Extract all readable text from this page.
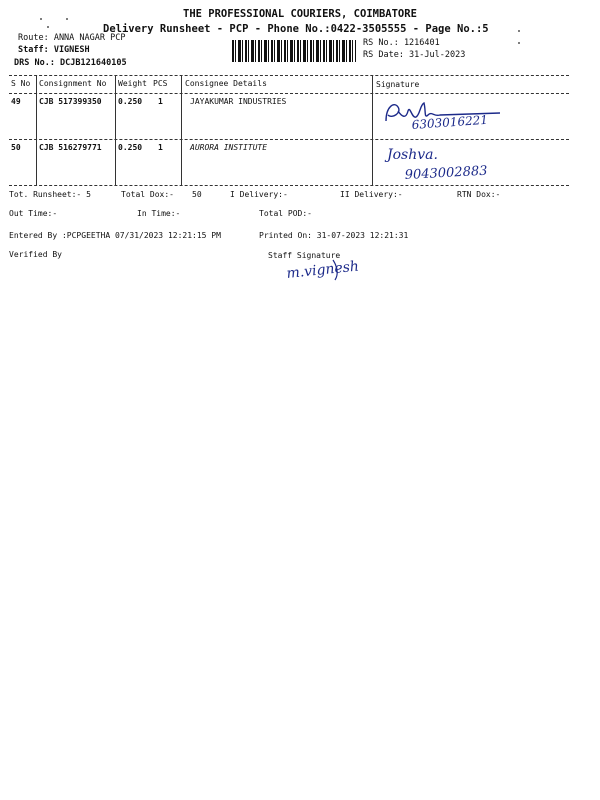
THE PROFESSIONAL COURIERS, COIMBATORE
Delivery Runsheet - PCP - Phone No.:0422-3505555 - Page No.:5
Route: ANNA NAGAR PCP
Staff: VIGNESH
DRS No.: DCJB121640105
RS No.: 1216401
RS Date: 31-Jul-2023
S No Consignment No Weight PCS Consignee Details	Signature
49 CJB 517399350 0.250 1	JAYAKUMAR INDUSTRIES
6303016221
50 CJB 516279771 0.250 1	AURORA INSTITUTE	Joshva.
9043002883
Tot. Runsheet:- 5	Total Dox:- 50	I Delivery:-	II Delivery:-	RTN Dox:-
Out Time:-	In Time:-	Total POD:-
Entered By :PCPGEETHA 07/31/2023 12:21:15 PM	Printed On: 31-07-2023 12:21:31
Verified By	Staff Signature
m.vignesh
